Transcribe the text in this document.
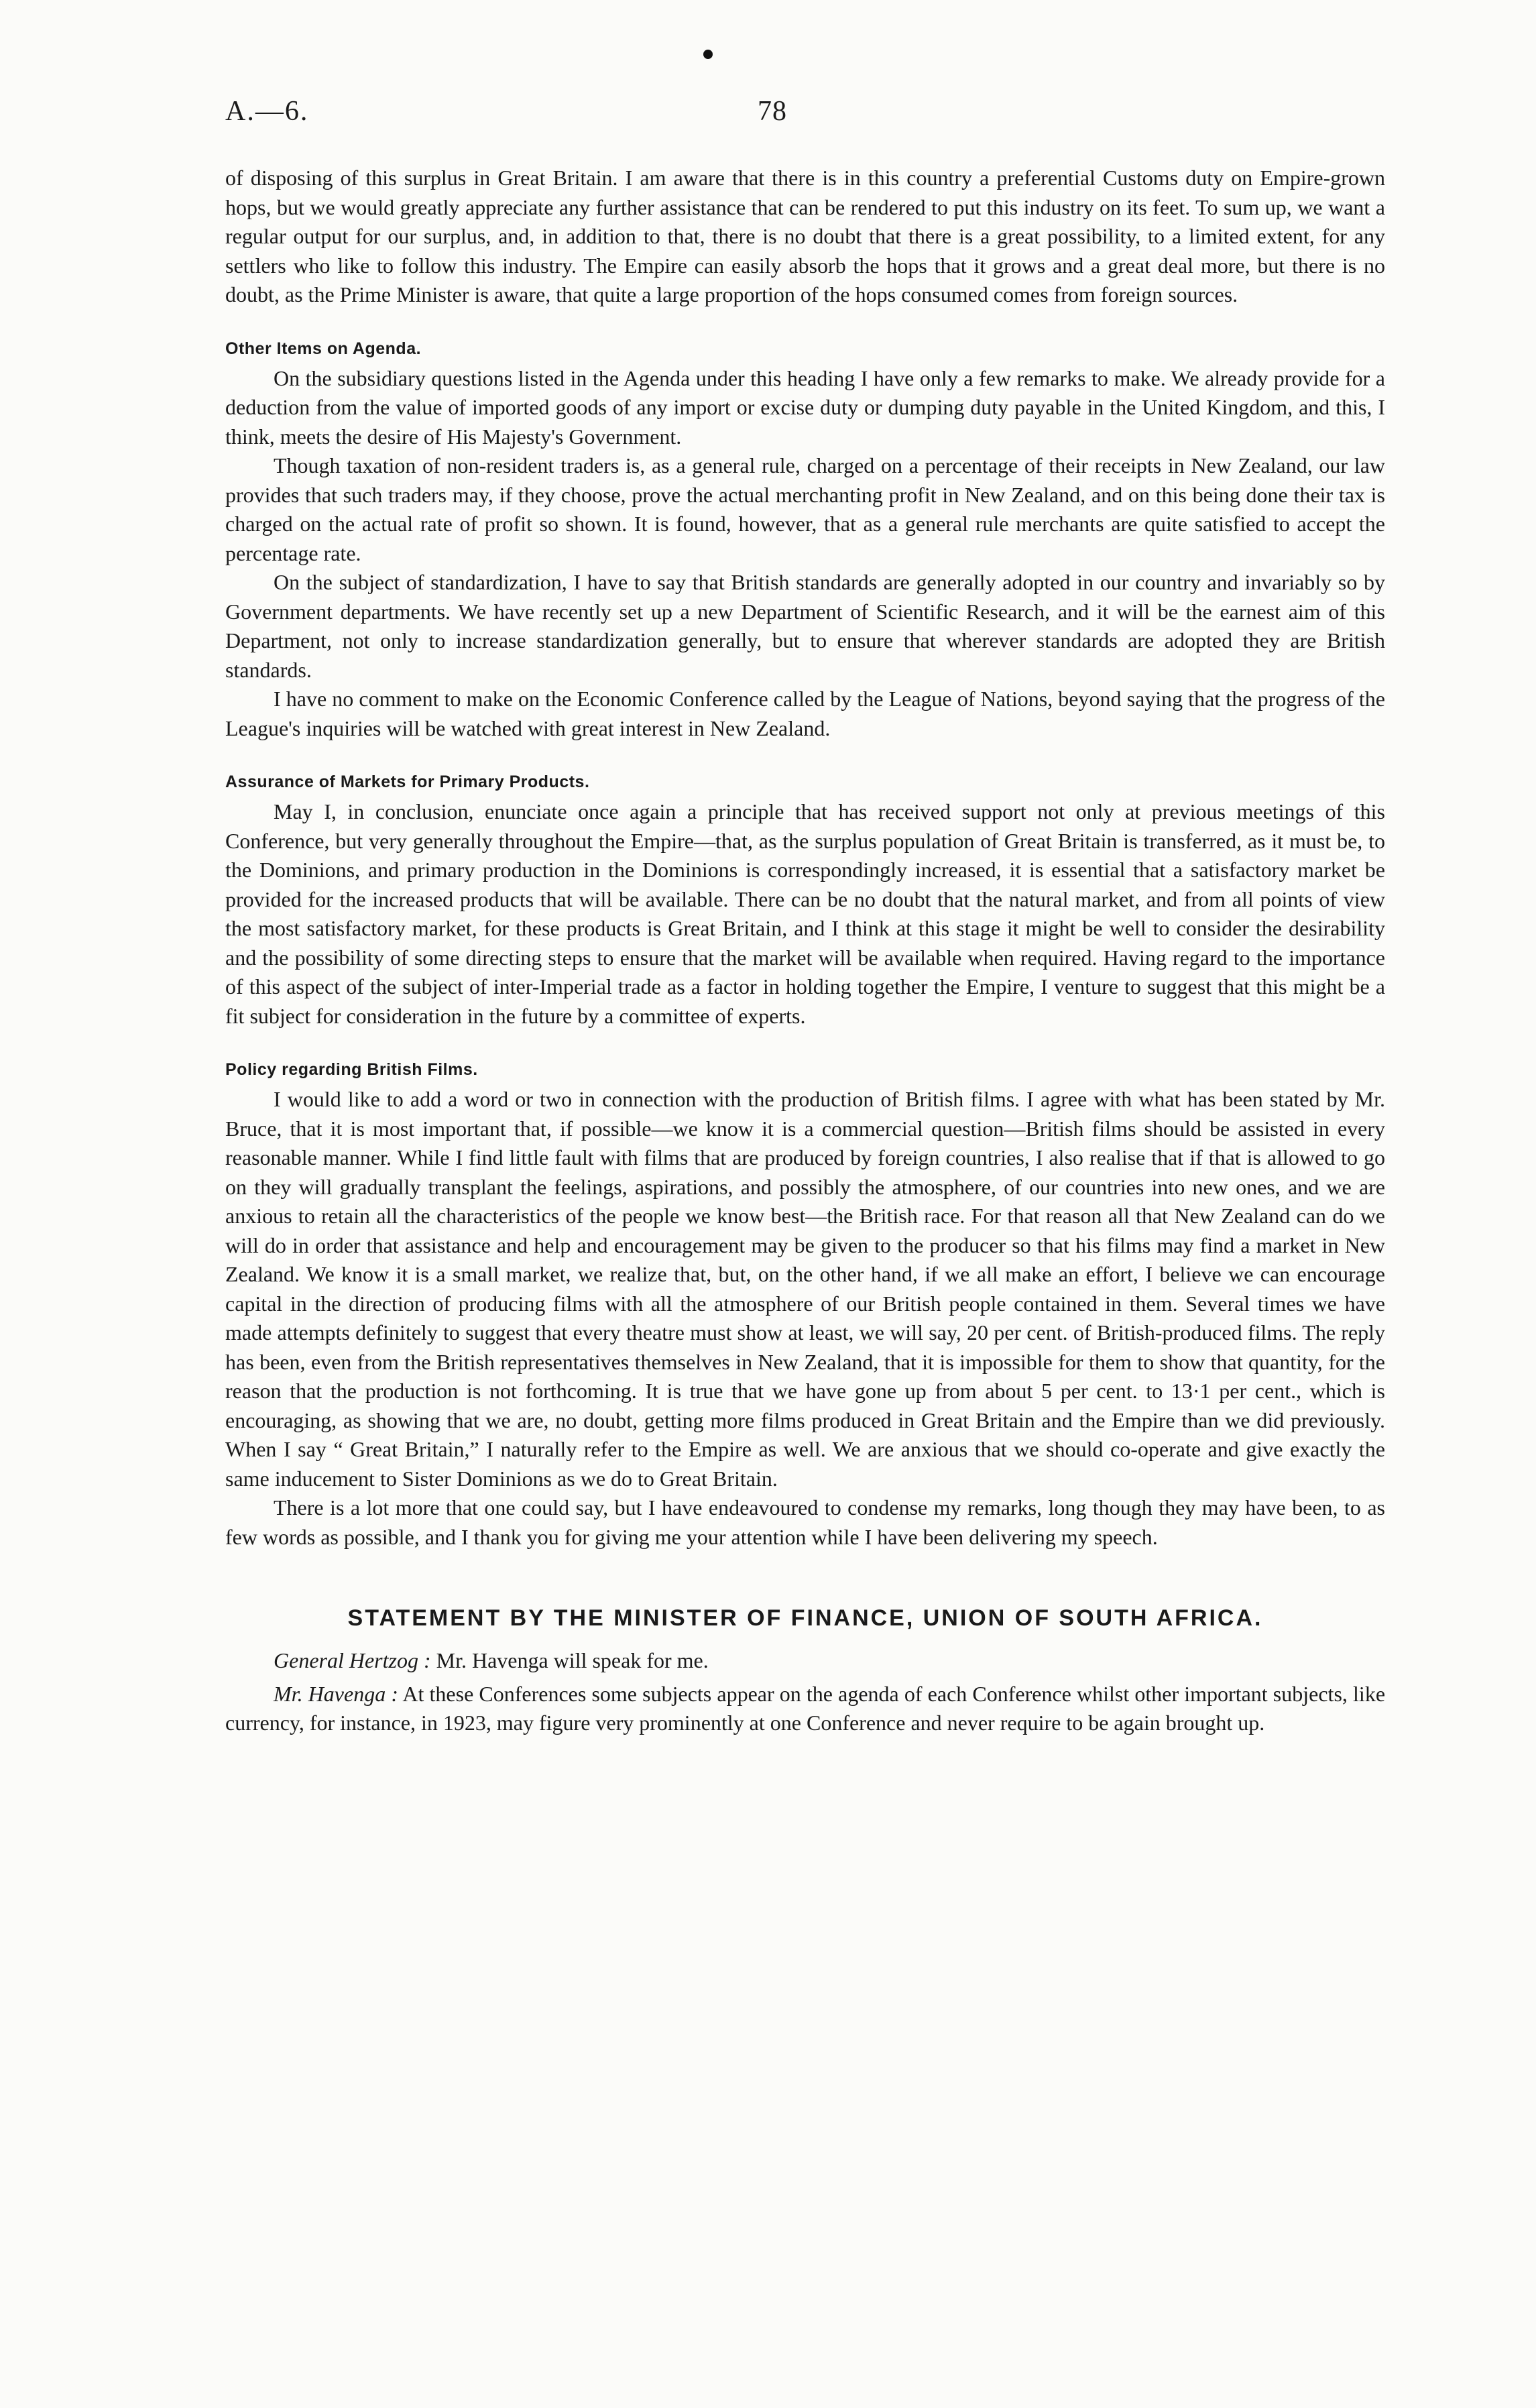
A.—6.	78

of disposing of this surplus in Great Britain. I am aware that there is in this country a preferential Customs duty on Empire-grown hops, but we would greatly appreciate any further assistance that can be rendered to put this industry on its feet. To sum up, we want a regular output for our surplus, and, in addition to that, there is no doubt that there is a great possibility, to a limited extent, for any settlers who like to follow this industry. The Empire can easily absorb the hops that it grows and a great deal more, but there is no doubt, as the Prime Minister is aware, that quite a large proportion of the hops consumed comes from foreign sources.

Other Items on Agenda.

On the subsidiary questions listed in the Agenda under this heading I have only a few remarks to make. We already provide for a deduction from the value of imported goods of any import or excise duty or dumping duty payable in the United Kingdom, and this, I think, meets the desire of His Majesty's Government.

Though taxation of non-resident traders is, as a general rule, charged on a percentage of their receipts in New Zealand, our law provides that such traders may, if they choose, prove the actual merchanting profit in New Zealand, and on this being done their tax is charged on the actual rate of profit so shown. It is found, however, that as a general rule merchants are quite satisfied to accept the percentage rate.

On the subject of standardization, I have to say that British standards are generally adopted in our country and invariably so by Government departments. We have recently set up a new Department of Scientific Research, and it will be the earnest aim of this Department, not only to increase standardization generally, but to ensure that wherever standards are adopted they are British standards.

I have no comment to make on the Economic Conference called by the League of Nations, beyond saying that the progress of the League's inquiries will be watched with great interest in New Zealand.

Assurance of Markets for Primary Products.

May I, in conclusion, enunciate once again a principle that has received support not only at previous meetings of this Conference, but very generally throughout the Empire—that, as the surplus population of Great Britain is transferred, as it must be, to the Dominions, and primary production in the Dominions is correspondingly increased, it is essential that a satisfactory market be provided for the increased products that will be available. There can be no doubt that the natural market, and from all points of view the most satisfactory market, for these products is Great Britain, and I think at this stage it might be well to consider the desirability and the possibility of some directing steps to ensure that the market will be available when required. Having regard to the importance of this aspect of the subject of inter-Imperial trade as a factor in holding together the Empire, I venture to suggest that this might be a fit subject for consideration in the future by a committee of experts.

Policy regarding British Films.

I would like to add a word or two in connection with the production of British films. I agree with what has been stated by Mr. Bruce, that it is most important that, if possible—we know it is a commercial question—British films should be assisted in every reasonable manner. While I find little fault with films that are produced by foreign countries, I also realise that if that is allowed to go on they will gradually transplant the feelings, aspirations, and possibly the atmosphere, of our countries into new ones, and we are anxious to retain all the characteristics of the people we know best—the British race. For that reason all that New Zealand can do we will do in order that assistance and help and encouragement may be given to the producer so that his films may find a market in New Zealand. We know it is a small market, we realize that, but, on the other hand, if we all make an effort, I believe we can encourage capital in the direction of producing films with all the atmosphere of our British people contained in them. Several times we have made attempts definitely to suggest that every theatre must show at least, we will say, 20 per cent. of British-produced films. The reply has been, even from the British representatives themselves in New Zealand, that it is impossible for them to show that quantity, for the reason that the production is not forthcoming. It is true that we have gone up from about 5 per cent. to 13·1 per cent., which is encouraging, as showing that we are, no doubt, getting more films produced in Great Britain and the Empire than we did previously. When I say “ Great Britain,” I naturally refer to the Empire as well. We are anxious that we should co-operate and give exactly the same inducement to Sister Dominions as we do to Great Britain.

There is a lot more that one could say, but I have endeavoured to condense my remarks, long though they may have been, to as few words as possible, and I thank you for giving me your attention while I have been delivering my speech.

STATEMENT BY THE MINISTER OF FINANCE, UNION OF SOUTH AFRICA.

General Hertzog : Mr. Havenga will speak for me.

Mr. Havenga : At these Conferences some subjects appear on the agenda of each Conference whilst other important subjects, like currency, for instance, in 1923, may figure very prominently at one Conference and never require to be again brought up.
